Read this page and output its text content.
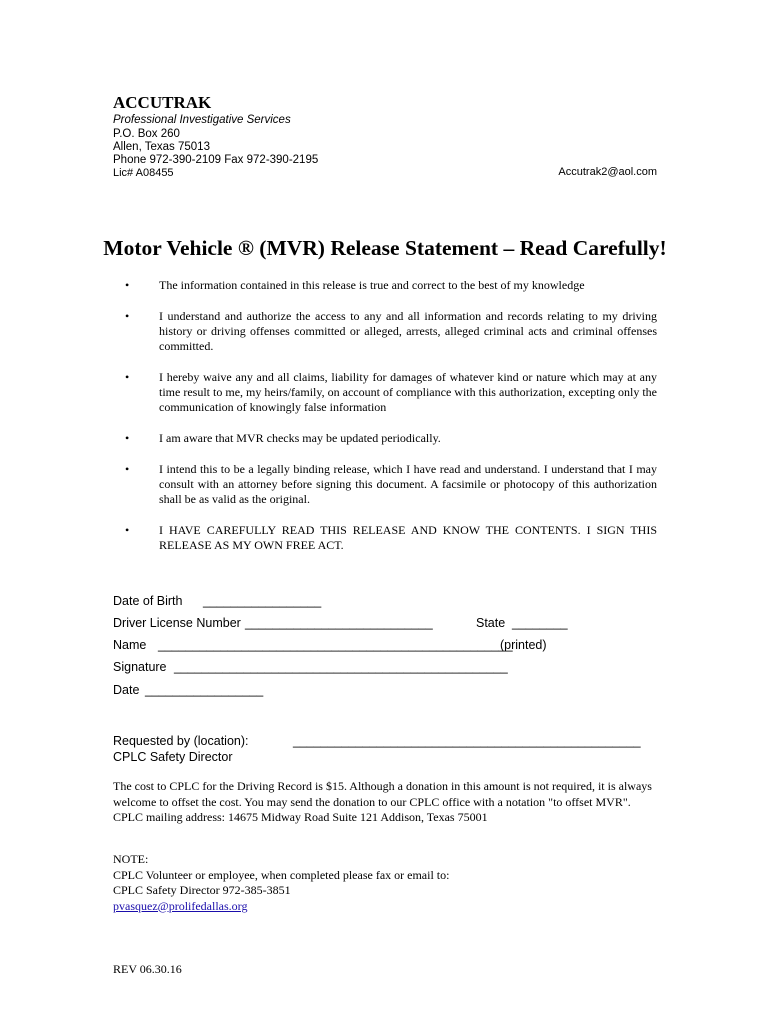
ACCUTRAK
Professional Investigative Services
P.O. Box 260
Allen, Texas 75013
Phone 972-390-2109 Fax 972-390-2195
Lic# A08455	Accutrak2@aol.com
Motor Vehicle ® (MVR) Release Statement – Read Carefully!
• The information contained in this release is true and correct to the best of my knowledge
• I understand and authorize the access to any and all information and records relating to my driving history or driving offenses committed or alleged, arrests, alleged criminal acts and criminal offenses committed.
• I hereby waive any and all claims, liability for damages of whatever kind or nature which may at any time result to me, my heirs/family, on account of compliance with this authorization, excepting only the communication of knowingly false information
• I am aware that MVR checks may be updated periodically.
• I intend this to be a legally binding release, which I have read and understand. I understand that I may consult with an attorney before signing this document. A facsimile or photocopy of this authorization shall be as valid as the original.
• I HAVE CAREFULLY READ THIS RELEASE AND KNOW THE CONTENTS. I SIGN THIS RELEASE AS MY OWN FREE ACT.
Date of Birth _________________
Driver License Number ___________________________	State ________
Name ___________________________________________________
(printed)
Signature ________________________________________________
Date _________________
Requested by (location):	__________________________________________________
CPLC Safety Director
The cost to CPLC for the Driving Record is $15. Although a donation in this amount is not required, it is always welcome to offset the cost. You may send the donation to our CPLC office with a notation "to offset MVR". CPLC mailing address: 14675 Midway Road Suite 121 Addison, Texas 75001
NOTE:
CPLC Volunteer or employee, when completed please fax or email to:
CPLC Safety Director 972-385-3851
pvasquez@prolifedallas.org
REV 06.30.16
